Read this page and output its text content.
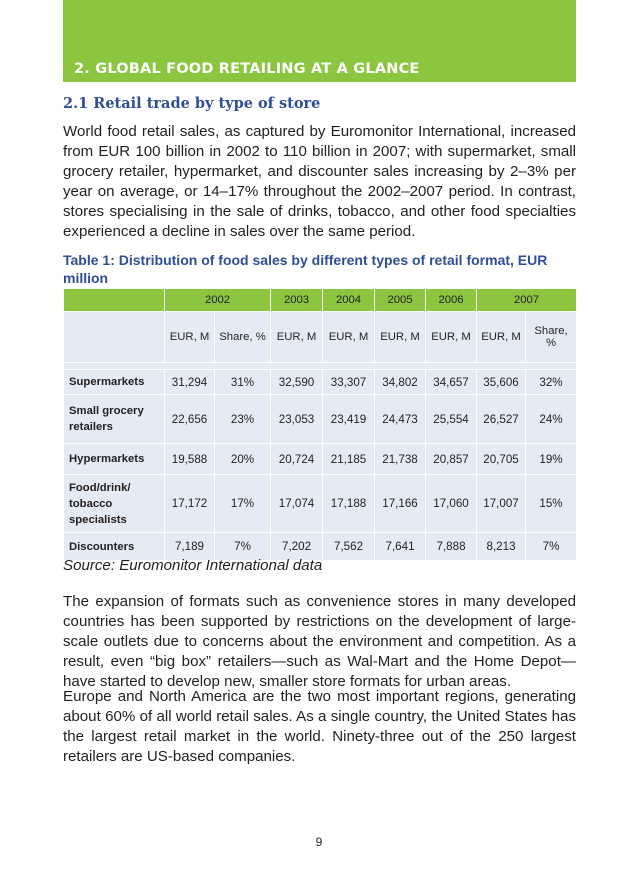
2. GLOBAL FOOD RETAILING AT A GLANCE
2.1 Retail trade by type of store

World food retail sales, as captured by Euromonitor International, increased from EUR 100 billion in 2002 to 110 billion in 2007; with supermarket, small grocery retailer, hypermarket, and discounter sales increasing by 2–3% per year on average, or 14–17% throughout the 2002–2007 period. In contrast, stores specialising in the sale of drinks, tobacco, and other food specialties experienced a decline in sales over the same period.

Table 1: Distribution of food sales by different types of retail format, EUR million

	2002		2003	2004	2005	2006	2007	
	EUR, M	Share, %	EUR, M	EUR, M	EUR, M	EUR, M	EUR, M	Share, %

Supermarkets	31,294	31%	32,590	33,307	34,802	34,657	35,606	32%
Small grocery retailers	22,656	23%	23,053	23,419	24,473	25,554	26,527	24%
Hypermarkets	19,588	20%	20,724	21,185	21,738	20,857	20,705	19%
Food/drink/ tobacco specialists	17,172	17%	17,074	17,188	17,166	17,060	17,007	15%
Discounters	7,189	7%	7,202	7,562	7,641	7,888	8,213	7%

Source: Euromonitor International data

The expansion of formats such as convenience stores in many developed countries has been supported by restrictions on the development of large-scale outlets due to concerns about the environment and competition. As a result, even “big box” retailers—such as Wal-Mart and the Home Depot—have started to develop new, smaller store formats for urban areas.

Europe and North America are the two most important regions, generating about 60% of all world retail sales. As a single country, the United States has the largest retail market in the world. Ninety-three out of the 250 largest retailers are US-based companies.

9
